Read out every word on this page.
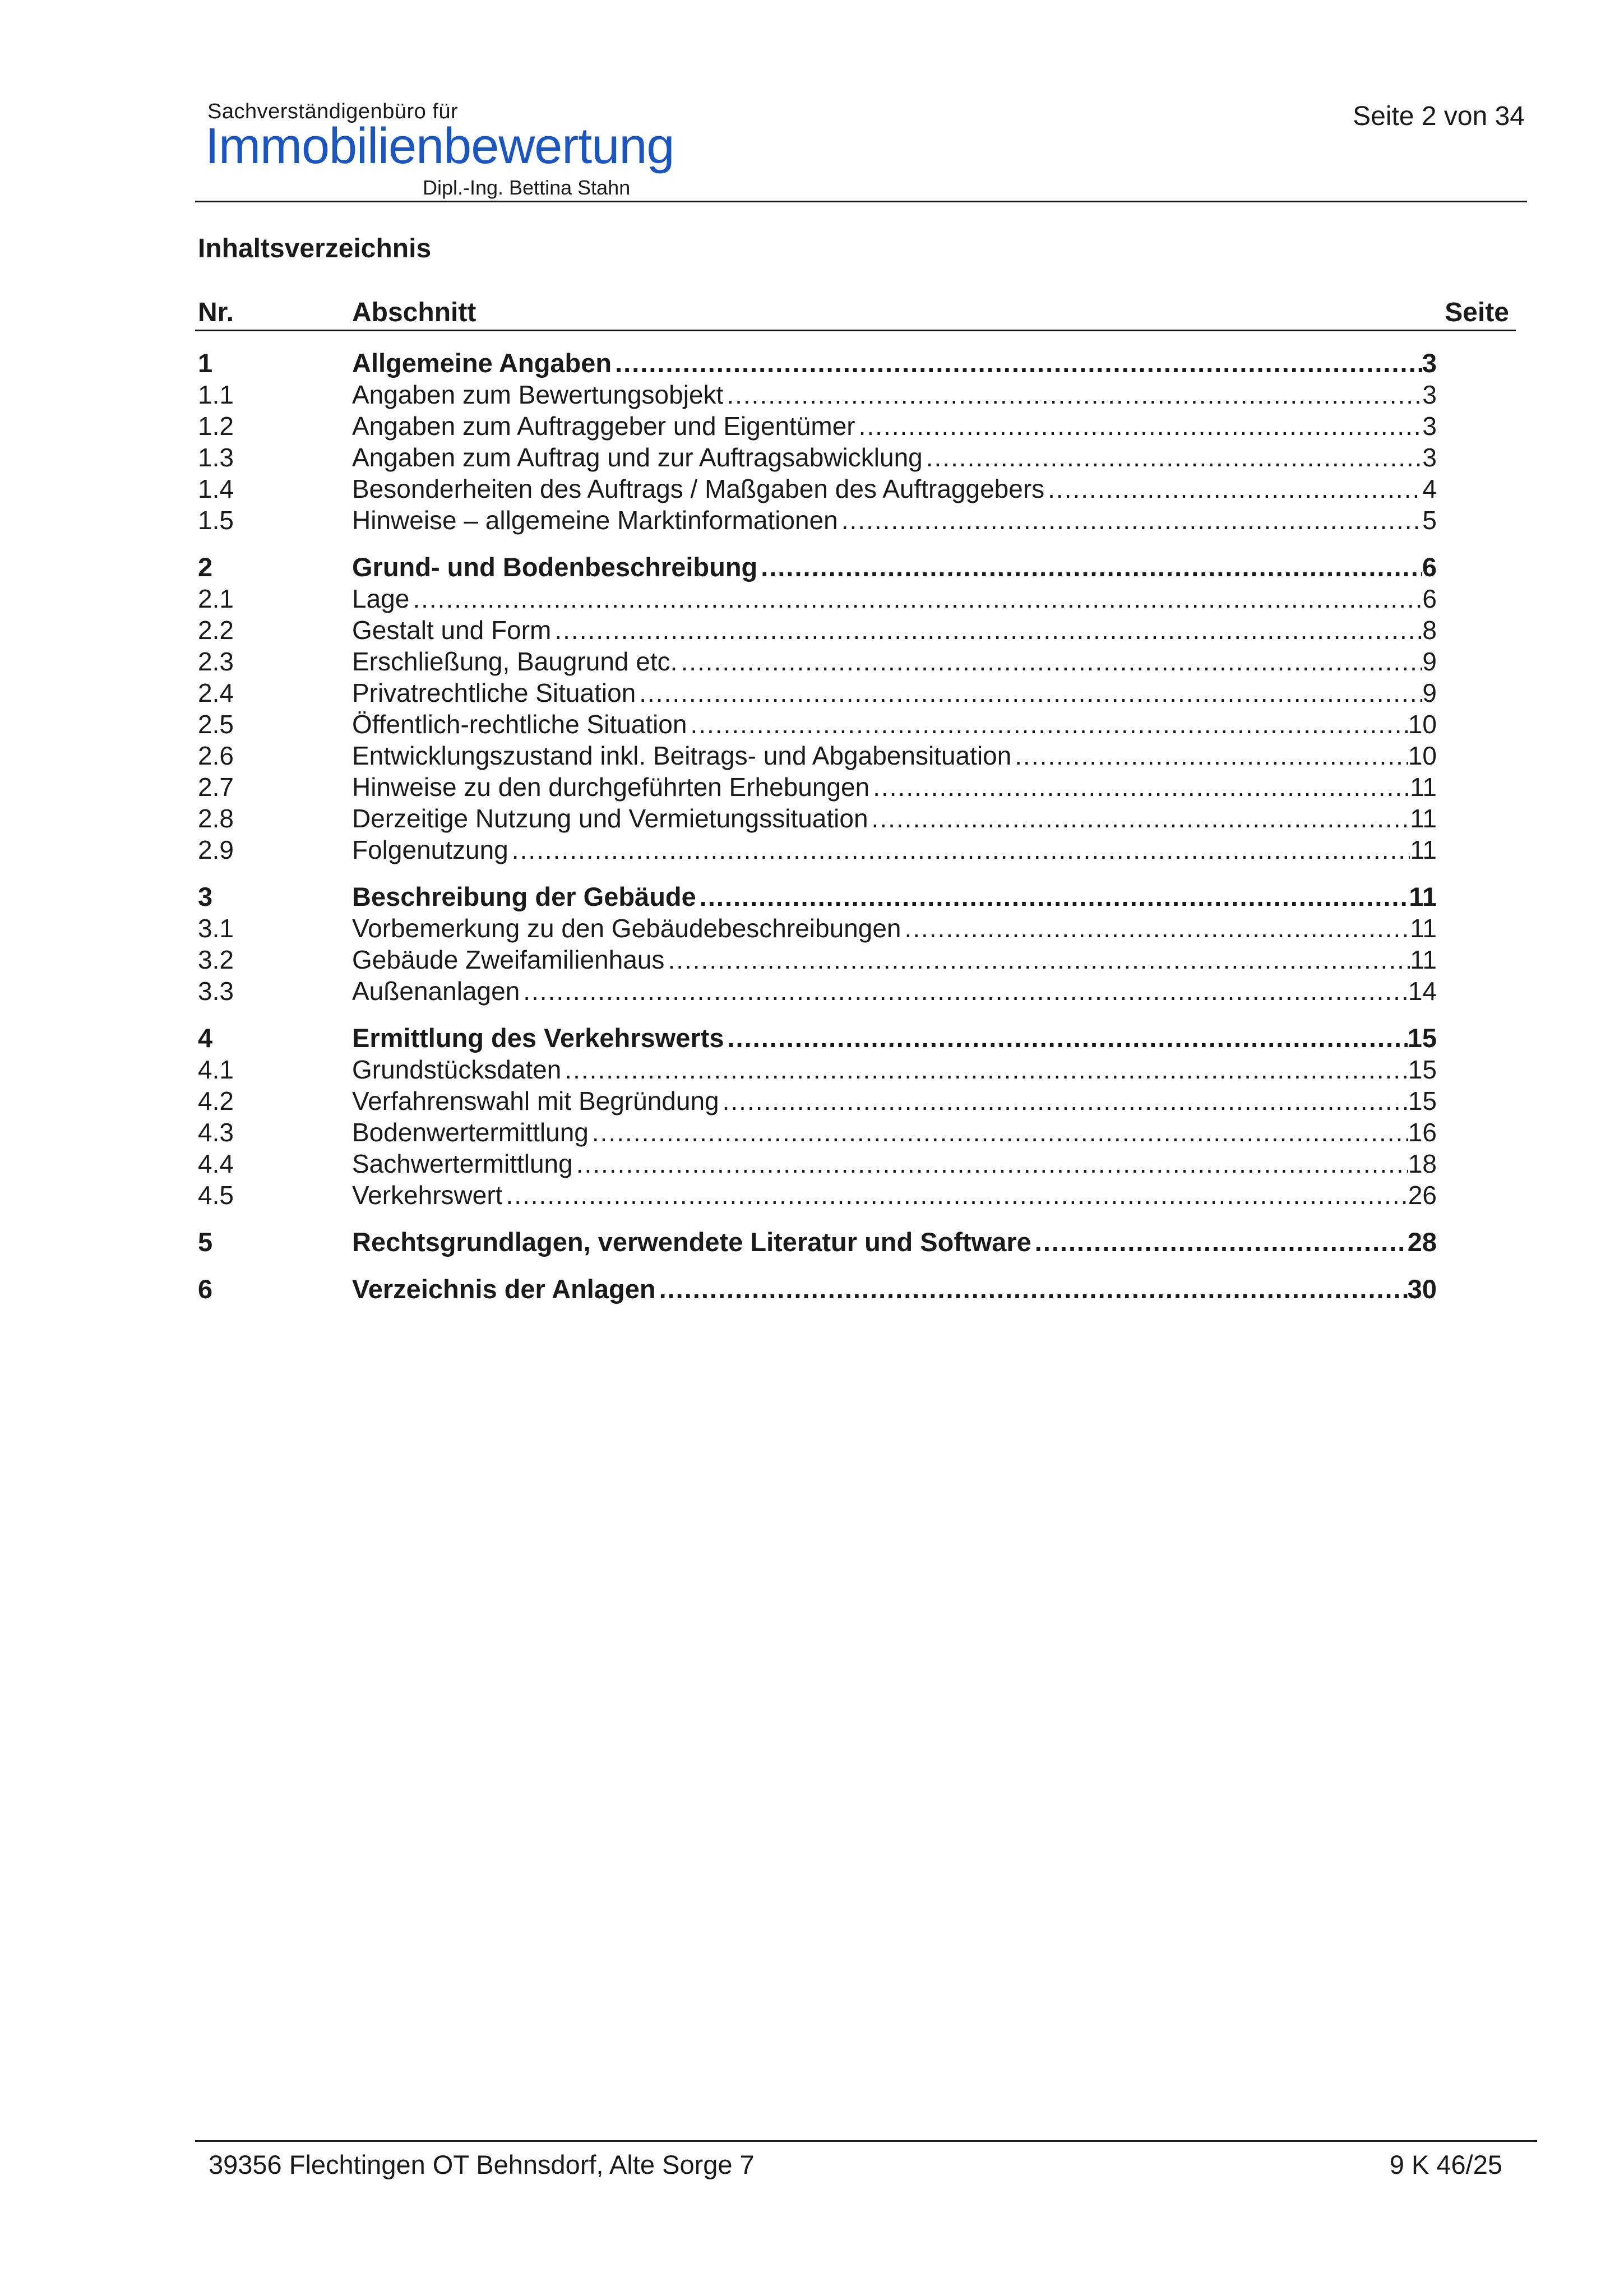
Sachverständigenbüro für
Immobilienbewertung
Dipl.-Ing. Bettina Stahn
Seite 2 von 34
Inhaltsverzeichnis
Nr.	Abschnitt	Seite
1	Allgemeine Angaben .....	3
1.1	Angaben zum Bewertungsobjekt .....	3
1.2	Angaben zum Auftraggeber und Eigentümer .....	3
1.3	Angaben zum Auftrag und zur Auftragsabwicklung .....	3
1.4	Besonderheiten des Auftrags / Maßgaben des Auftraggebers .....	4
1.5	Hinweise – allgemeine Marktinformationen .....	5
2	Grund- und Bodenbeschreibung .....	6
2.1	Lage .....	6
2.2	Gestalt und Form .....	8
2.3	Erschließung, Baugrund etc. .....	9
2.4	Privatrechtliche Situation .....	9
2.5	Öffentlich-rechtliche Situation .....	10
2.6	Entwicklungszustand inkl. Beitrags- und Abgabensituation .....	10
2.7	Hinweise zu den durchgeführten Erhebungen .....	11
2.8	Derzeitige Nutzung und Vermietungssituation .....	11
2.9	Folgenutzung .....	11
3	Beschreibung der Gebäude .....	11
3.1	Vorbemerkung zu den Gebäudebeschreibungen .....	11
3.2	Gebäude Zweifamilienhaus .....	11
3.3	Außenanlagen .....	14
4	Ermittlung des Verkehrswerts .....	15
4.1	Grundstücksdaten .....	15
4.2	Verfahrenswahl mit Begründung .....	15
4.3	Bodenwertermittlung .....	16
4.4	Sachwertermittlung .....	18
4.5	Verkehrswert .....	26
5	Rechtsgrundlagen, verwendete Literatur und Software .....	28
6	Verzeichnis der Anlagen .....	30
39356 Flechtingen OT Behnsdorf, Alte Sorge 7	9 K 46/25
